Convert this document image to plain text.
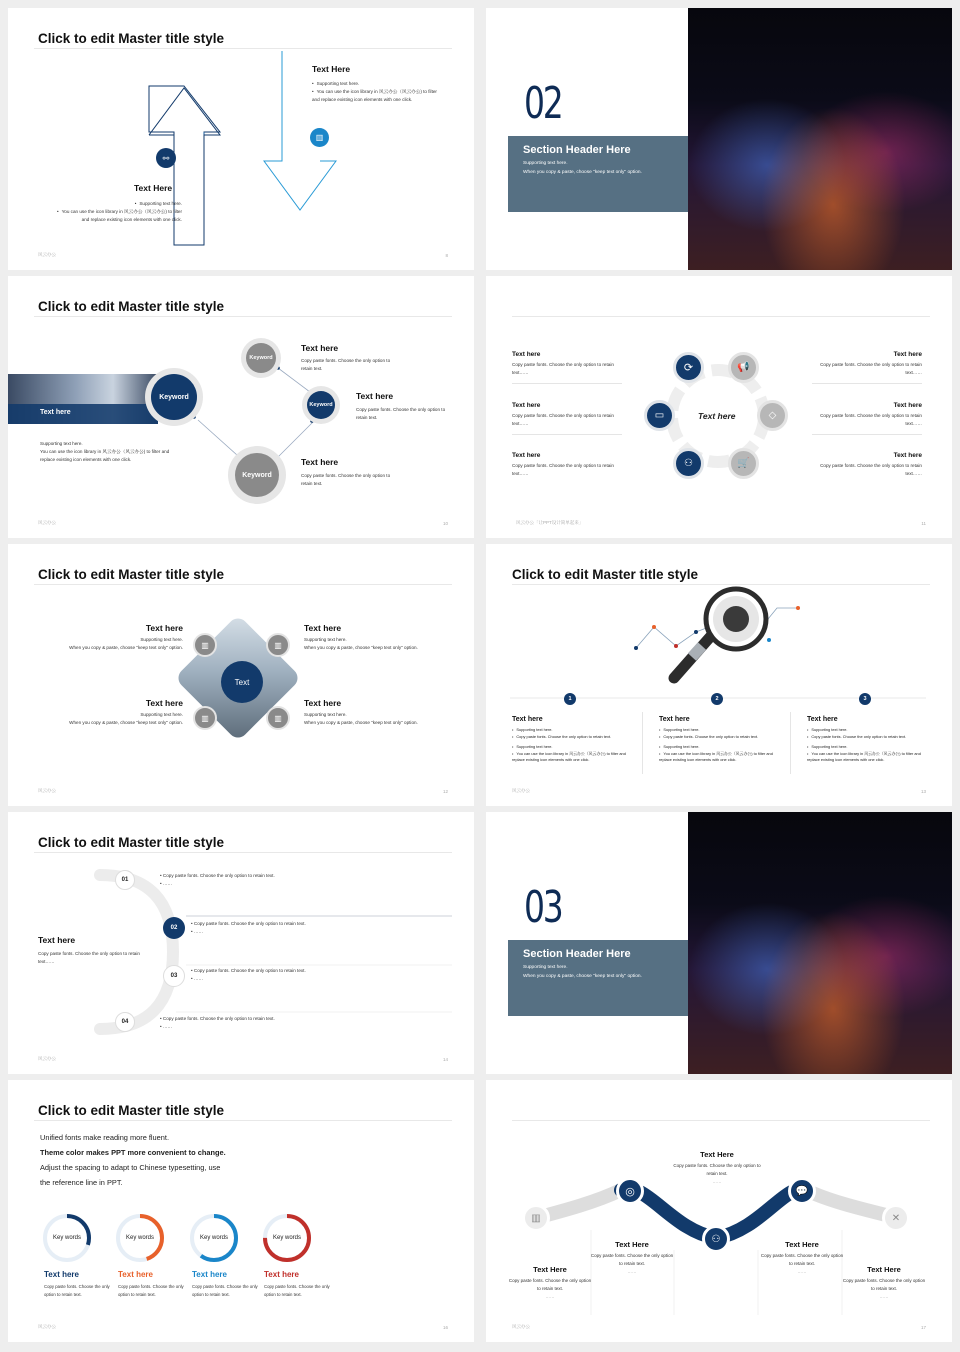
Click to edit Master title style
⚯
▥
Text Here
• Supporting text here.
• You can use the icon library in 风云办公（风云办公) to filter and replace existing icon elements with one click.
Text Here
• Supporting text here.
• You can use the icon library in 风云办公（风云办公) to filter and replace existing icon elements with one click.
风云办公	8
02
Section Header Here
Supporting text here.
When you copy & paste, choose "keep text only" option.
Click to edit Master title style
Text here
Keyword
Keyword
Keyword
Keyword
Text here
Copy paste fonts. Choose the only option to retain text.
Text here
Copy paste fonts. Choose the only option to retain text.
Text here
Copy paste fonts. Choose the only option to retain text.
Supporting text here.
You can use the icon library in 风云办公（风云办公) to filter and
replace existing icon elements with one click.
风云办公	10
Text here
⟳	📢
▭	◇
⚇	🛒
Text here
Copy paste fonts. Choose the only option to retain text……
Text here
Copy paste fonts. Choose the only option to retain text……
Text here
Copy paste fonts. Choose the only option to retain text……
Text here
Copy paste fonts. Choose the only option to retain text……
Text here
Copy paste fonts. Choose the only option to retain text……
Text here
Copy paste fonts. Choose the only option to retain text……
风云办公「让PPT设计简单起来」	11
Click to edit Master title style
Text
▥	▥
▥	▥
Text here
Supporting text here.
When you copy & paste, choose "keep text only" option.
Text here
Supporting text here.
When you copy & paste, choose "keep text only" option.
Text here
Supporting text here.
When you copy & paste, choose "keep text only" option.
Text here
Supporting text here.
When you copy & paste, choose "keep text only" option.
风云办公	12
Click to edit Master title style
1	2	3
Text here
• Supporting text here.
• Copy paste fonts. Choose the only option to retain text.
• Supporting text here.
• You can use the icon library in 风云办公（风云办公) to filter and replace existing icon elements with one click.
Text here
• Supporting text here.
• Copy paste fonts. Choose the only option to retain text.
• Supporting text here.
• You can use the icon library in 风云办公（风云办公) to filter and replace existing icon elements with one click.
Text here
• Supporting text here.
• Copy paste fonts. Choose the only option to retain text.
• Supporting text here.
• You can use the icon library in 风云办公（风云办公) to filter and replace existing icon elements with one click.
风云办公	13
Click to edit Master title style
01
02
03
04
• Copy paste fonts. Choose the only option to retain text.
• ……
• Copy paste fonts. Choose the only option to retain text.
• ……
• Copy paste fonts. Choose the only option to retain text.
• ……
• Copy paste fonts. Choose the only option to retain text.
• ……
Text here
Copy paste fonts. Choose the only option to retain text……
风云办公	14
03
Section Header Here
Supporting text here.
When you copy & paste, choose "keep text only" option.
Click to edit Master title style
Unified fonts make reading more fluent.
Theme color makes PPT more convenient to change.
Adjust the spacing to adapt to Chinese typesetting, use
the reference line in PPT.
Key words	Key words	Key words	Key words
Text here
Copy paste fonts. Choose the only option to retain text.
Text here
Copy paste fonts. Choose the only option to retain text.
Text here
Copy paste fonts. Choose the only option to retain text.
Text here
Copy paste fonts. Choose the only option to retain text.
风云办公	16
▥
◎
⚇
💬
✕
Text Here
Copy paste fonts. Choose the only option to retain text.
……
Text Here
Copy paste fonts. Choose the only option to retain text.
……
Text Here
Copy paste fonts. Choose the only option to retain text.
……
Text Here
Copy paste fonts. Choose the only option to retain text.
……	Text Here
Copy paste fonts. Choose the only option to retain text.
……
风云办公	17
